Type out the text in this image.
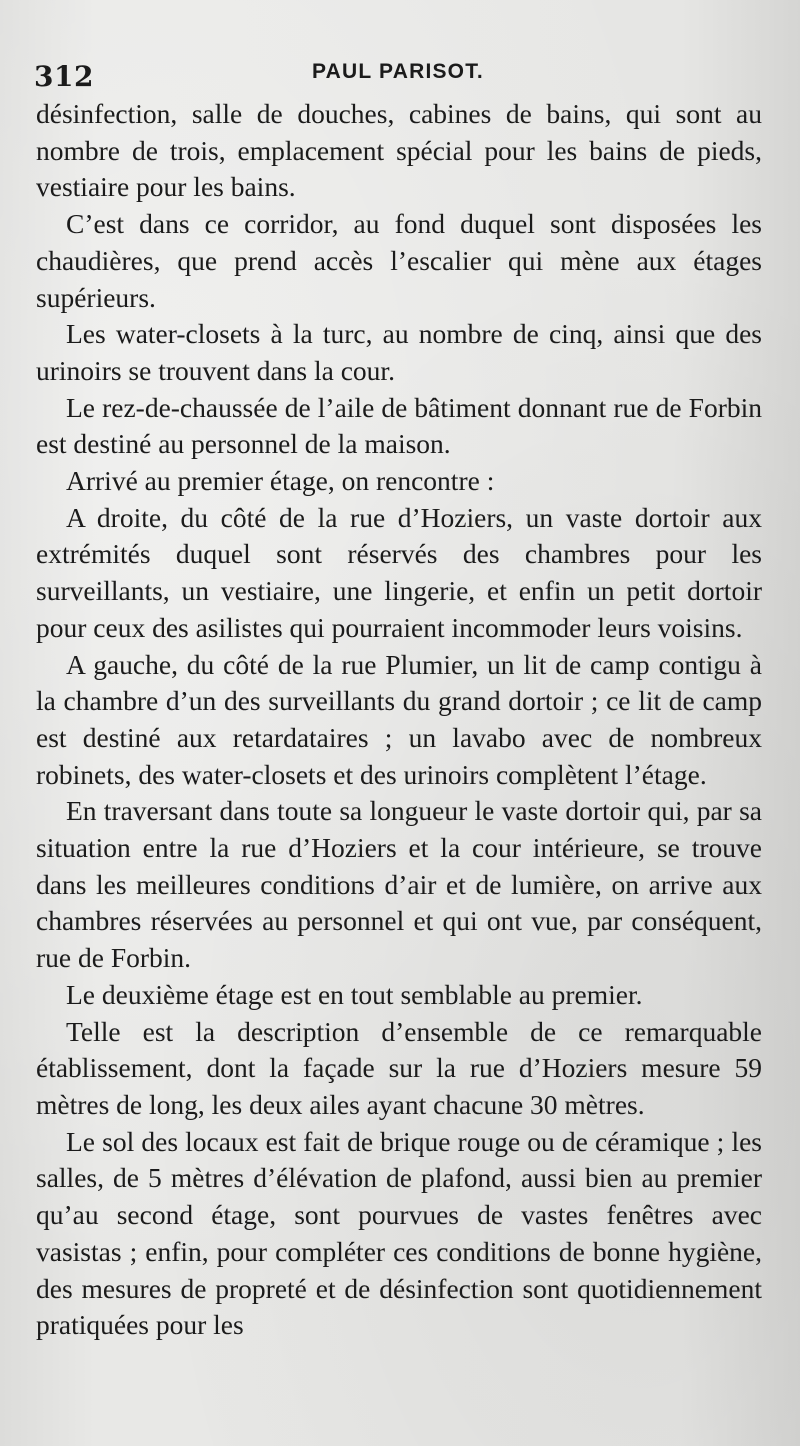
312	PAUL PARISOT.

désinfection, salle de douches, cabines de bains, qui sont au nombre de trois, emplacement spécial pour les bains de pieds, vestiaire pour les bains.

C’est dans ce corridor, au fond duquel sont disposées les chaudières, que prend accès l’escalier qui mène aux étages supérieurs.

Les water-closets à la turc, au nombre de cinq, ainsi que des urinoirs se trouvent dans la cour.

Le rez-de-chaussée de l’aile de bâtiment donnant rue de Forbin est destiné au personnel de la maison.

Arrivé au premier étage, on rencontre :

A droite, du côté de la rue d’Hoziers, un vaste dortoir aux extrémités duquel sont réservés des chambres pour les surveillants, un vestiaire, une lingerie, et enfin un petit dortoir pour ceux des asilistes qui pourraient incommoder leurs voisins.

A gauche, du côté de la rue Plumier, un lit de camp contigu à la chambre d’un des surveillants du grand dortoir ; ce lit de camp est destiné aux retardataires ; un lavabo avec de nombreux robinets, des water-closets et des urinoirs complètent l’étage.

En traversant dans toute sa longueur le vaste dortoir qui, par sa situation entre la rue d’Hoziers et la cour intérieure, se trouve dans les meilleures conditions d’air et de lumière, on arrive aux chambres réservées au personnel et qui ont vue, par conséquent, rue de Forbin.

Le deuxième étage est en tout semblable au premier.

Telle est la description d’ensemble de ce remarquable établissement, dont la façade sur la rue d’Hoziers mesure 59 mètres de long, les deux ailes ayant chacune 30 mètres.

Le sol des locaux est fait de brique rouge ou de céramique ; les salles, de 5 mètres d’élévation de plafond, aussi bien au premier qu’au second étage, sont pourvues de vastes fenêtres avec vasistas ; enfin, pour compléter ces conditions de bonne hygiène, des mesures de propreté et de désinfection sont quotidiennement pratiquées pour les
